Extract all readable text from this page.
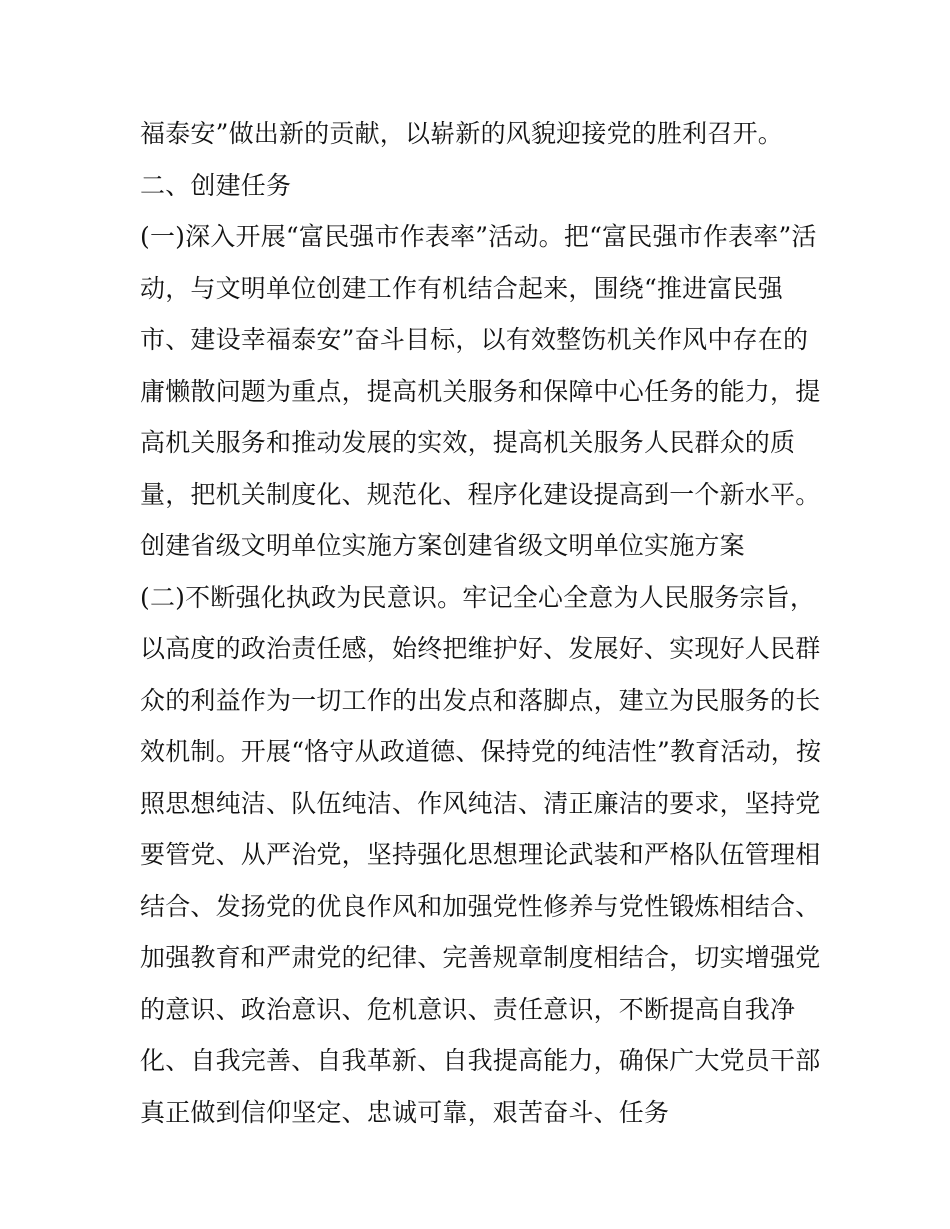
福泰安”做出新的贡献，以崭新的风貌迎接党的胜利召开。
二、创建任务
(一)深入开展“富民强市作表率”活动。把“富民强市作表率”活
动，与文明单位创建工作有机结合起来，围绕“推进富民强
市、建设幸福泰安”奋斗目标，以有效整饬机关作风中存在的
庸懒散问题为重点，提高机关服务和保障中心任务的能力，提
高机关服务和推动发展的实效，提高机关服务人民群众的质
量，把机关制度化、规范化、程序化建设提高到一个新水平。
创建省级文明单位实施方案创建省级文明单位实施方案
(二)不断强化执政为民意识。牢记全心全意为人民服务宗旨，
以高度的政治责任感，始终把维护好、发展好、实现好人民群
众的利益作为一切工作的出发点和落脚点，建立为民服务的长
效机制。开展“恪守从政道德、保持党的纯洁性”教育活动，按
照思想纯洁、队伍纯洁、作风纯洁、清正廉洁的要求，坚持党
要管党、从严治党，坚持强化思想理论武装和严格队伍管理相
结合、发扬党的优良作风和加强党性修养与党性锻炼相结合、
加强教育和严肃党的纪律、完善规章制度相结合，切实增强党
的意识、政治意识、危机意识、责任意识，不断提高自我净
化、自我完善、自我革新、自我提高能力，确保广大党员干部
真正做到信仰坚定、忠诚可靠，艰苦奋斗、任务
